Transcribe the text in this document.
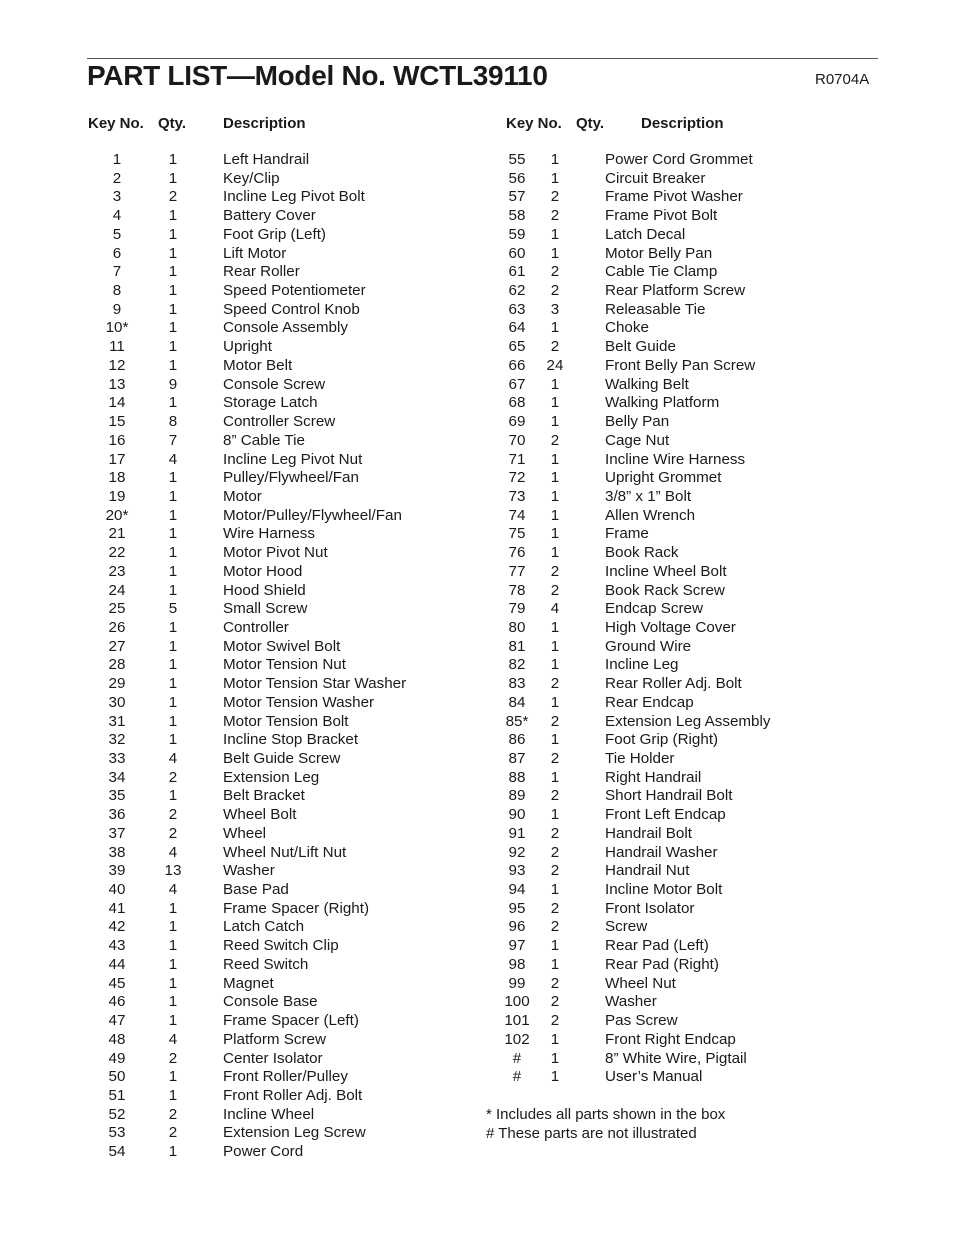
PART LIST—Model No. WCTL39110	R0704A
Key No. Qty. Description	Key No. Qty. Description
1	1	Left Handrail
2	1	Key/Clip
3	2	Incline Leg Pivot Bolt
4	1	Battery Cover
5	1	Foot Grip (Left)
6	1	Lift Motor
7	1	Rear Roller
8	1	Speed Potentiometer
9	1	Speed Control Knob
10*	1	Console Assembly
11	1	Upright
12	1	Motor Belt
13	9	Console Screw
14	1	Storage Latch
15	8	Controller Screw
16	7	8” Cable Tie
17	4	Incline Leg Pivot Nut
18	1	Pulley/Flywheel/Fan
19	1	Motor
20*	1	Motor/Pulley/Flywheel/Fan
21	1	Wire Harness
22	1	Motor Pivot Nut
23	1	Motor Hood
24	1	Hood Shield
25	5	Small Screw
26	1	Controller
27	1	Motor Swivel Bolt
28	1	Motor Tension Nut
29	1	Motor Tension Star Washer
30	1	Motor Tension Washer
31	1	Motor Tension Bolt
32	1	Incline Stop Bracket
33	4	Belt Guide Screw
34	2	Extension Leg
35	1	Belt Bracket
36	2	Wheel Bolt
37	2	Wheel
38	4	Wheel Nut/Lift Nut
39	13	Washer
40	4	Base Pad
41	1	Frame Spacer (Right)
42	1	Latch Catch
43	1	Reed Switch Clip
44	1	Reed Switch
45	1	Magnet
46	1	Console Base
47	1	Frame Spacer (Left)
48	4	Platform Screw
49	2	Center Isolator
50	1	Front Roller/Pulley
51	1	Front Roller Adj. Bolt
52	2	Incline Wheel
53	2	Extension Leg Screw
54	1	Power Cord
55	1	Power Cord Grommet
56	1	Circuit Breaker
57	2	Frame Pivot Washer
58	2	Frame Pivot Bolt
59	1	Latch Decal
60	1	Motor Belly Pan
61	2	Cable Tie Clamp
62	2	Rear Platform Screw
63	3	Releasable Tie
64	1	Choke
65	2	Belt Guide
66	24	Front Belly Pan Screw
67	1	Walking Belt
68	1	Walking Platform
69	1	Belly Pan
70	2	Cage Nut
71	1	Incline Wire Harness
72	1	Upright Grommet
73	1	3/8” x 1” Bolt
74	1	Allen Wrench
75	1	Frame
76	1	Book Rack
77	2	Incline Wheel Bolt
78	2	Book Rack Screw
79	4	Endcap Screw
80	1	High Voltage Cover
81	1	Ground Wire
82	1	Incline Leg
83	2	Rear Roller Adj. Bolt
84	1	Rear Endcap
85*	2	Extension Leg Assembly
86	1	Foot Grip (Right)
87	2	Tie Holder
88	1	Right Handrail
89	2	Short Handrail Bolt
90	1	Front Left Endcap
91	2	Handrail Bolt
92	2	Handrail Washer
93	2	Handrail Nut
94	1	Incline Motor Bolt
95	2	Front Isolator
96	2	Screw
97	1	Rear Pad (Left)
98	1	Rear Pad (Right)
99	2	Wheel Nut
100	2	Washer
101	2	Pas Screw
102	1	Front Right Endcap
#	1	8” White Wire, Pigtail
#	1	User’s Manual
* Includes all parts shown in the box
# These parts are not illustrated
